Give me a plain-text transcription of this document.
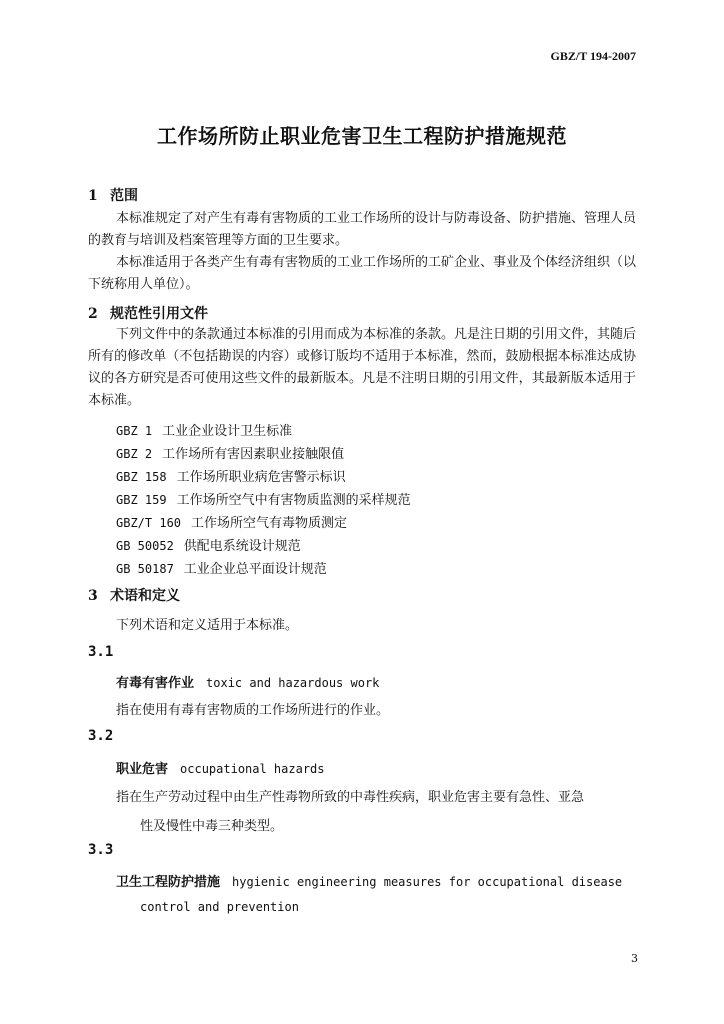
GBZ/T 194-2007
工作场所防止职业危害卫生工程防护措施规范
1 范围
本标准规定了对产生有毒有害物质的工业工作场所的设计与防毒设备、防护措施、管理人员的教育与培训及档案管理等方面的卫生要求。
本标准适用于各类产生有毒有害物质的工业工作场所的工矿企业、事业及个体经济组织（以下统称用人单位）。
2 规范性引用文件
下列文件中的条款通过本标准的引用而成为本标准的条款。凡是注日期的引用文件，其随后所有的修改单（不包括勘误的内容）或修订版均不适用于本标准，然而，鼓励根据本标准达成协议的各方研究是否可使用这些文件的最新版本。凡是不注明日期的引用文件，其最新版本适用于本标准。
GBZ 1 工业企业设计卫生标准
GBZ 2 工作场所有害因素职业接触限值
GBZ 158 工作场所职业病危害警示标识
GBZ 159 工作场所空气中有害物质监测的采样规范
GBZ/T 160 工作场所空气有毒物质测定
GB 50052 供配电系统设计规范
GB 50187 工业企业总平面设计规范
3 术语和定义
下列术语和定义适用于本标准。
3.1
有毒有害作业 toxic and hazardous work
指在使用有毒有害物质的工作场所进行的作业。
3.2
职业危害 occupational hazards
指在生产劳动过程中由生产性毒物所致的中毒性疾病，职业危害主要有急性、亚急
性及慢性中毒三种类型。
3.3
卫生工程防护措施 hygienic engineering measures for occupational disease
control and prevention
3
